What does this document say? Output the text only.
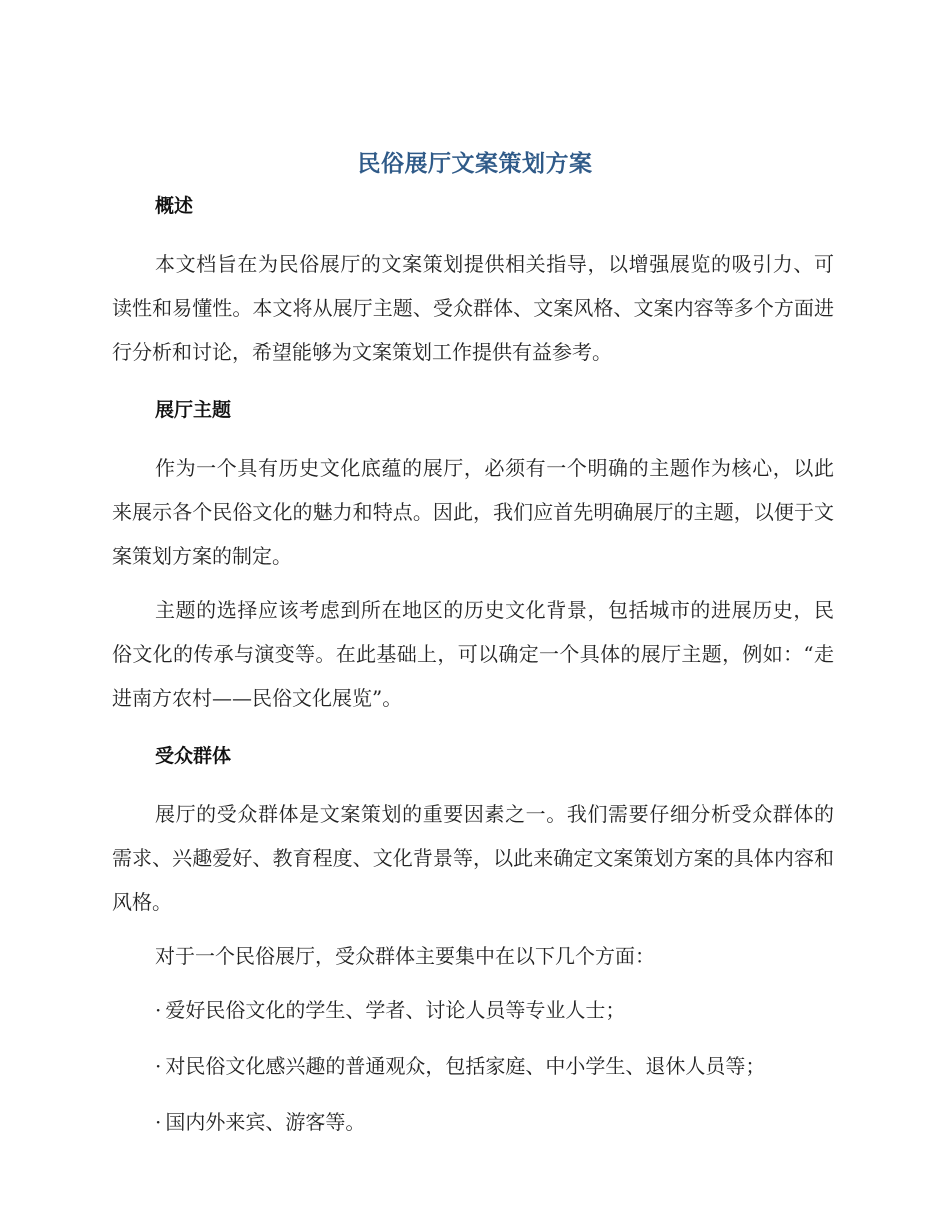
民俗展厅文案策划方案
概述

本文档旨在为民俗展厅的文案策划提供相关指导，以增强展览的吸引力、可读性和易懂性。本文将从展厅主题、受众群体、文案风格、文案内容等多个方面进行分析和讨论，希望能够为文案策划工作提供有益参考。

展厅主题

作为一个具有历史文化底蕴的展厅，必须有一个明确的主题作为核心，以此来展示各个民俗文化的魅力和特点。因此，我们应首先明确展厅的主题，以便于文案策划方案的制定。

主题的选择应该考虑到所在地区的历史文化背景，包括城市的进展历史，民俗文化的传承与演变等。在此基础上，可以确定一个具体的展厅主题，例如：“走进南方农村——民俗文化展览”。

受众群体

展厅的受众群体是文案策划的重要因素之一。我们需要仔细分析受众群体的需求、兴趣爱好、教育程度、文化背景等，以此来确定文案策划方案的具体内容和风格。

对于一个民俗展厅，受众群体主要集中在以下几个方面：

· 爱好民俗文化的学生、学者、讨论人员等专业人士；
· 对民俗文化感兴趣的普通观众，包括家庭、中小学生、退休人员等；
· 国内外来宾、游客等。
